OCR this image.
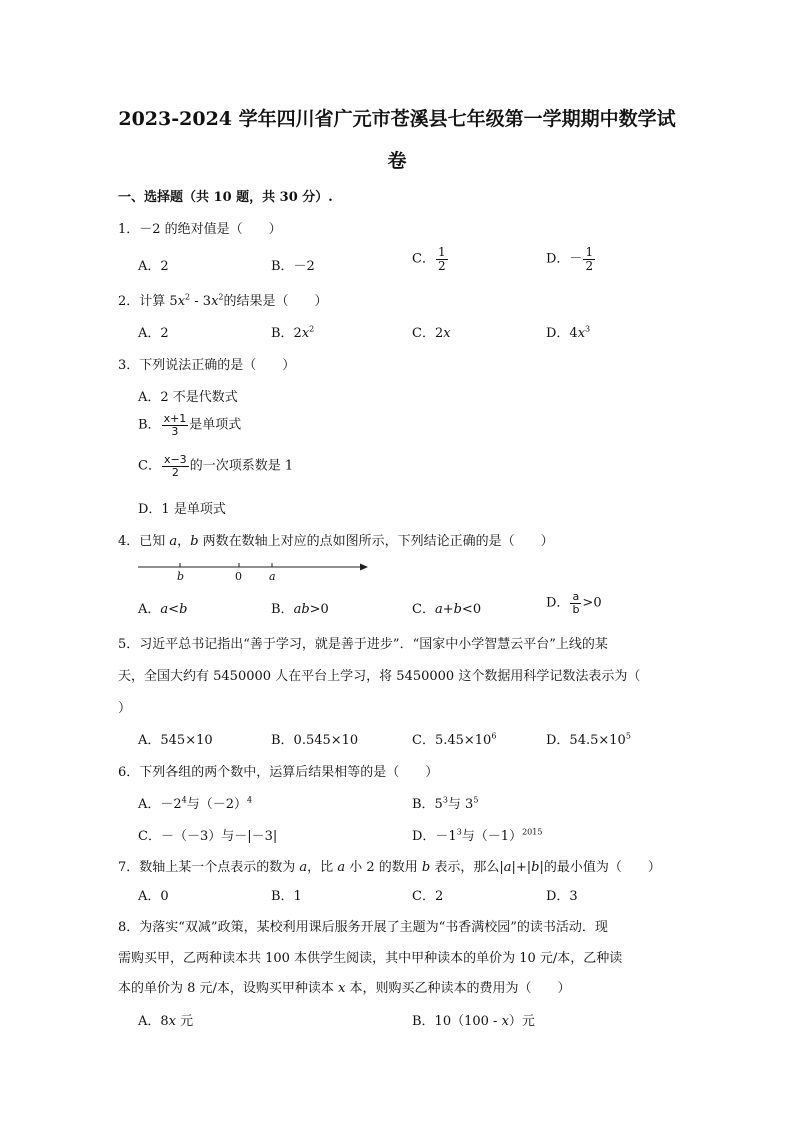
2023-2024 学年四川省广元市苍溪县七年级第一学期期中数学试
卷
一、选择题（共 10 题，共 30 分）.
1．－2 的绝对值是（　　）
A．2	B．－2	C． $\frac{1}{2}$	D．－ $\frac{1}{2}$
2．计算 $5x^2 - 3x^2$的结果是（　　）
A．2	B．$2x^2$	C．2x	D．$4x^3$
3．下列说法正确的是（　　）
A．2 不是代数式
B． $\frac{x+1}{3}$ 是单项式
C． $\frac{x-3}{2}$ 的一次项系数是 1
D．1 是单项式
4．已知 a，b 两数在数轴上对应的点如图所示，下列结论正确的是（　　）
b	0 a
A．a<b	B．ab>0	C．a+b<0	D． $\frac{a}{b} >0$
5．习近平总书记指出“善于学习，就是善于进步”．“国家中小学智慧云平台”上线的某
天，全国大约有 5450000 人在平台上学习，将 5450000 这个数据用科学记数法表示为（
）
A．545×10	B．0.545×10	C．$5.45\times 10^6$	D．$54.5\times 10^5$
6．下列各组的两个数中，运算后结果相等的是（　　）
A．$-2^4$与$(-2)^4$	B．$5^3$与 $3^5$
C．－（－3）与－|－3|	D．$-1^3$与$(-1)^{2015}$
7．数轴上某一个点表示的数为 a，比 a 小 2 的数用 b 表示，那么|a|+|b|的最小值为（　　）
A．0	B．1	C．2	D．3
8．为落实“双减”政策，某校利用课后服务开展了主题为“书香满校园”的读书活动．现
需购买甲，乙两种读本共 100 本供学生阅读，其中甲种读本的单价为 10 元/本，乙种读
本的单价为 8 元/本，设购买甲种读本 x 本，则购买乙种读本的费用为（　　）
A．8x 元	B．10（100 - x）元
